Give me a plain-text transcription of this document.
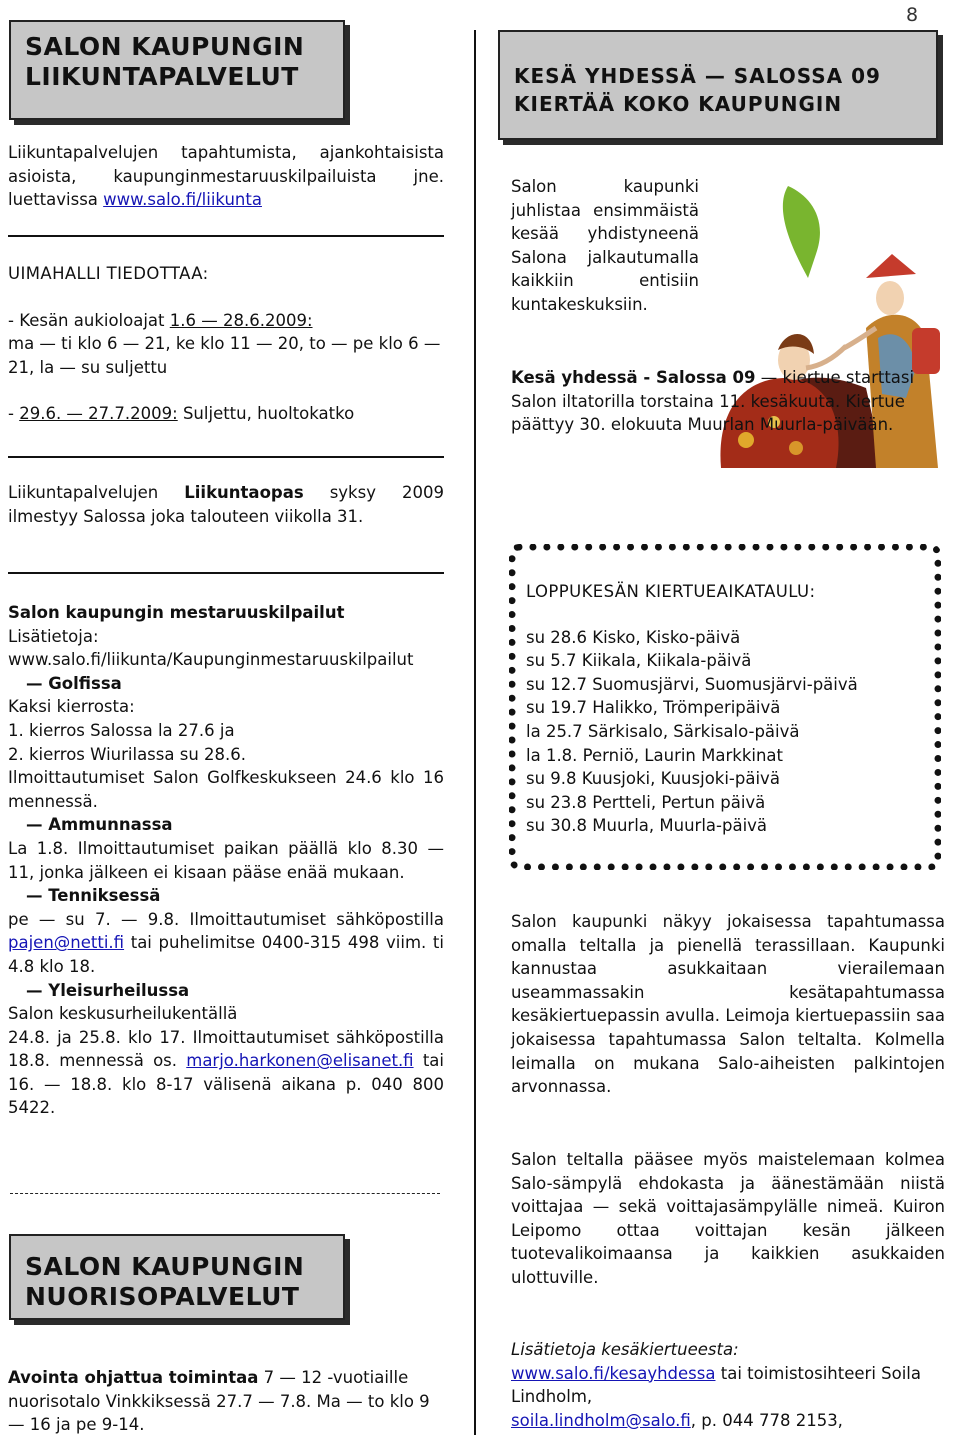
8
SALON KAUPUNGIN
LIIKUNTAPALVELUT
Liikuntapalvelujen tapahtumista, ajankohtaisista asioista, kaupunginmestaruuskilpailuista jne. luettavissa www.salo.fi/liikunta

UIMAHALLI TIEDOTTAA:

- Kesän aukioloajat 1.6 — 28.6.2009:

ma — ti klo 6 — 21, ke klo 11 — 20, to — pe klo 6 — 21, la — su suljettu

- 29.6. — 27.7.2009: Suljettu, huoltokatko

Liikuntapalvelujen Liikuntaopas syksy 2009 ilmestyy Salossa joka talouteen viikolla 31.

Salon kaupungin mestaruuskilpailut

Lisätietoja:

www.salo.fi/liikunta/Kaupunginmestaruuskilpailut

— Golfissa

Kaksi kierrosta:

1. kierros Salossa la 27.6 ja

2. kierros Wiurilassa su 28.6.

Ilmoittautumiset Salon Golfkeskukseen 24.6 klo 16 mennessä.

— Ammunnassa

La 1.8. Ilmoittautumiset paikan päällä klo 8.30 — 11, jonka jälkeen ei kisaan pääse enää mukaan.

— Tenniksessä

pe — su 7. — 9.8. Ilmoittautumiset sähköpostilla pajen@netti.fi tai puhelimitse 0400-315 498 viim. ti 4.8 klo 18.

— Yleisurheilussa

Salon keskusurheilukentällä

24.8. ja 25.8. klo 17. Ilmoittautumiset sähköpostilla 18.8. mennessä os. marjo.harkonen@elisanet.fi tai 16. — 18.8. klo 8-17 välisenä aikana p. 040 800 5422.

SALON KAUPUNGIN
NUORISOPALVELUT
Avointa ohjattua toimintaa 7 — 12 -vuotiaille nuorisotalo Vinkkiksessä 27.7 — 7.8. Ma — to klo 9 — 16 ja pe 9-14.
KESÄ YHDESSÄ — SALOSSA 09
KIERTÄÄ KOKO KAUPUNGIN
Salon kaupunki juhlistaa ensimmäistä kesää yhdistyneenä Salona jalkautumalla kaikkiin entisiin kuntakeskuksiin.
Kesä yhdessä - Salossa 09 — kiertue starttasi Salon iltatorilla torstaina 11. kesäkuuta. Kiertue päättyy 30. elokuuta Muurlan Muurla-päivään.

LOPPUKESÄN KIERTUEAIKATAULU:

su 28.6 Kisko, Kisko-päivä

su 5.7 Kiikala, Kiikala-päivä

su 12.7 Suomusjärvi, Suomusjärvi-päivä

su 19.7 Halikko, Trömperipäivä

la 25.7 Särkisalo, Särkisalo-päivä

la 1.8. Perniö, Laurin Markkinat

su 9.8 Kuusjoki, Kuusjoki-päivä

su 23.8 Pertteli, Pertun päivä

su 30.8 Muurla, Muurla-päivä

Salon kaupunki näkyy jokaisessa tapahtumassa omalla teltalla ja pienellä terassillaan. Kaupunki kannustaa asukkaitaan vierailemaan useammassakin kesätapahtumassa kesäkiertuepassin avulla. Leimoja kiertuepassiin saa jokaisessa tapahtumassa Salon teltalta. Kolmella leimalla on mukana Salo-aiheisten palkintojen arvonnassa.
Salon teltalla pääsee myös maistelemaan kolmea Salo-sämpylä ehdokasta ja äänestämään niistä voittajaa — sekä voittajasämpylälle nimeä. Kuiron Leipomo ottaa voittajan kesän jälkeen tuotevalikoimaansa ja kaikkien asukkaiden ulottuville.

Lisätietoja kesäkiertueesta:

www.salo.fi/kesayhdessa tai toimistosihteeri Soila Lindholm,

soila.lindholm@salo.fi, p. 044 778 2153,
